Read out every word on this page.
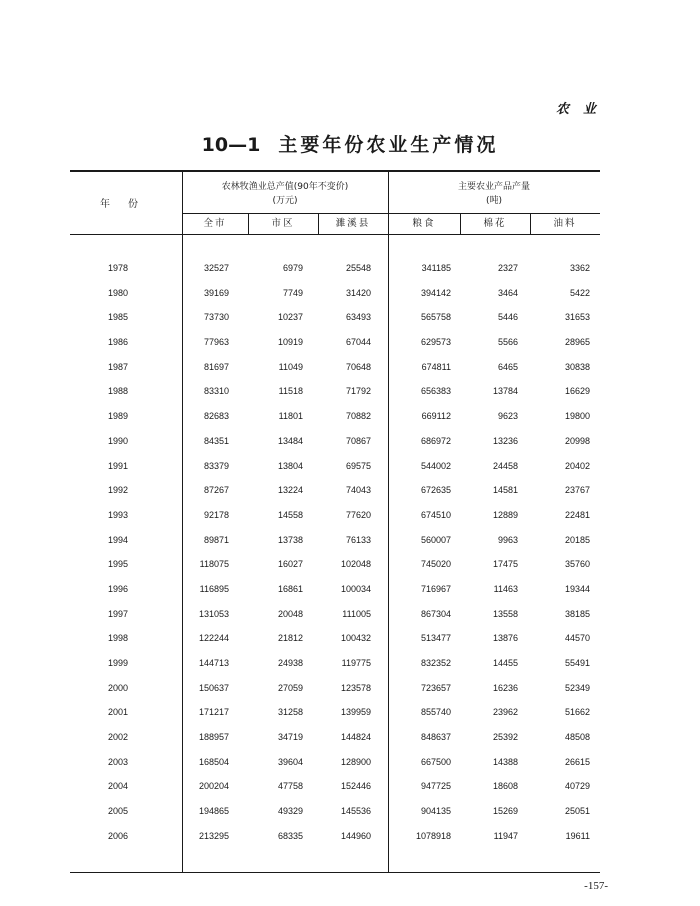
农业
10—1 主要年份农业生产情况
年份
农林牧渔业总产值(90年不变价)
(万元)
主要农业产品产量
(吨)
全市	市区	濉溪县	粮食	棉花	油料
1978	32527	6979	25548	341185	2327	3362
1980	39169	7749	31420	394142	3464	5422
1985	73730	10237	63493	565758	5446	31653
1986	77963	10919	67044	629573	5566	28965
1987	81697	11049	70648	674811	6465	30838
1988	83310	11518	71792	656383	13784	16629
1989	82683	11801	70882	669112	9623	19800
1990	84351	13484	70867	686972	13236	20998
1991	83379	13804	69575	544002	24458	20402
1992	87267	13224	74043	672635	14581	23767
1993	92178	14558	77620	674510	12889	22481
1994	89871	13738	76133	560007	9963	20185
1995	118075	16027	102048	745020	17475	35760
1996	116895	16861	100034	716967	11463	19344
1997	131053	20048	111005	867304	13558	38185
1998	122244	21812	100432	513477	13876	44570
1999	144713	24938	119775	832352	14455	55491
2000	150637	27059	123578	723657	16236	52349
2001	171217	31258	139959	855740	23962	51662
2002	188957	34719	144824	848637	25392	48508
2003	168504	39604	128900	667500	14388	26615
2004	200204	47758	152446	947725	18608	40729
2005	194865	49329	145536	904135	15269	25051
2006	213295	68335	144960	1078918	11947	19611
-157-
